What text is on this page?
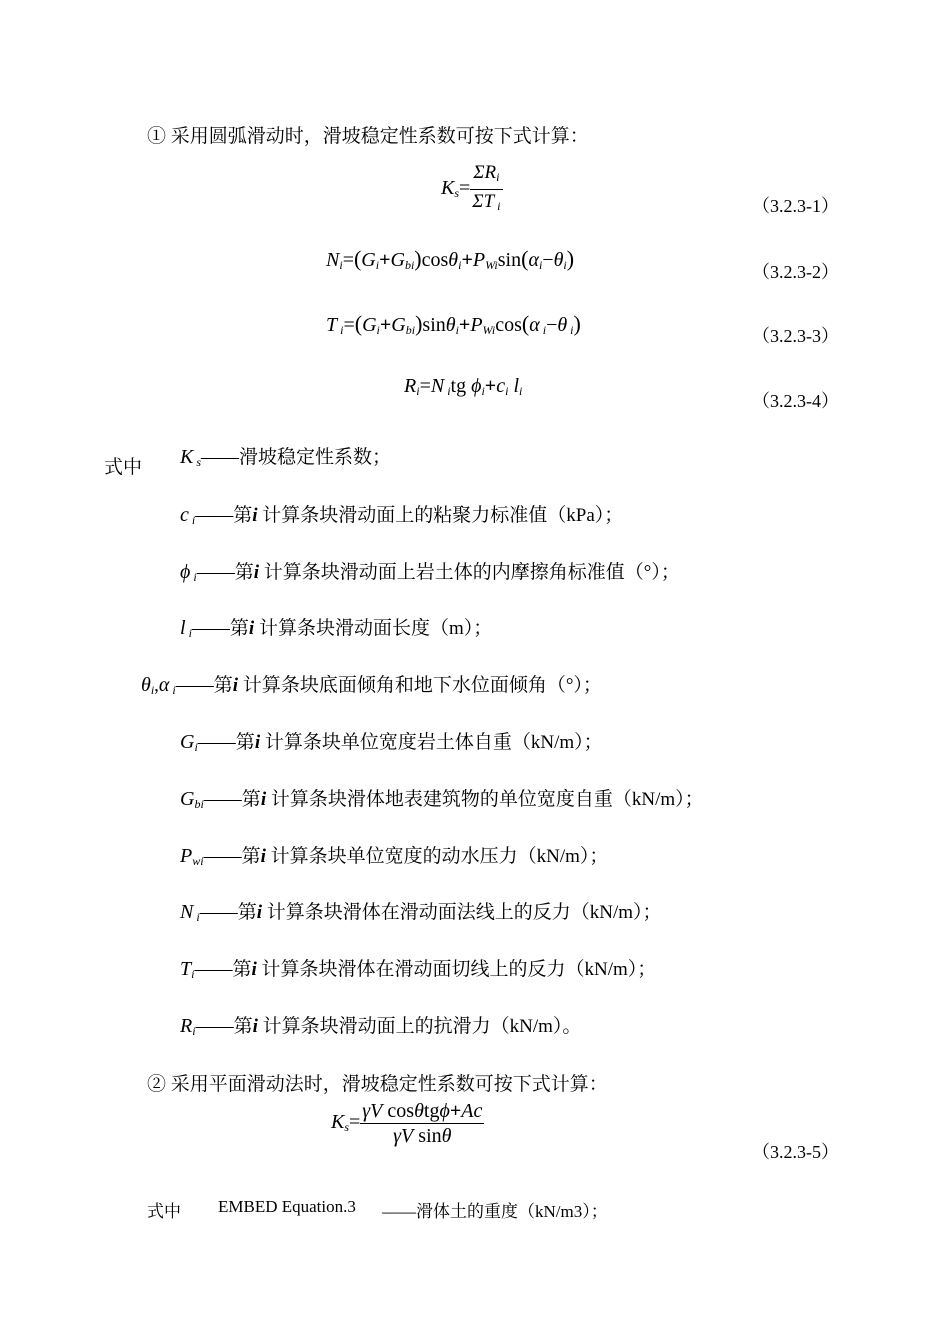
① 采用圆弧滑动时，滑坡稳定性系数可按下式计算：
$K_s= \frac{\Sigma R_i}{\Sigma T _i}$	（3.2.3-1）
$N_i=(G_i+G_{bi})\cos\theta_i+P_{Wi}\sin(\alpha_i-\theta_i)$
（3.2.3-2）
T $_i=(G_i+G_{bi})\sin\theta_i+P_{Wi}\cos(\alpha$ $_i$−θ $_i$)	（3.2.3-3）
$R_i=N$ $_i$tg $\phi_i+c_i$ $l_i$	（3.2.3-4）
式中 K $_s$——滑坡稳定性系数；
c $_i$——第i 计算条块滑动面上的粘聚力标准值（kPa）；
ϕ $_i$——第i 计算条块滑动面上岩土体的内摩擦角标准值（°）；
l $_i$——第i 计算条块滑动面长度（m）；
$\theta_i,\alpha$ $_i$——第i 计算条块底面倾角和地下水位面倾角（°）；
$G_i——$第i 计算条块单位宽度岩土体自重（kN/m）；
$G_{bi}——$第i 计算条块滑体地表建筑物的单位宽度自重（kN/m）；
$P_{wi}——$第i 计算条块单位宽度的动水压力（kN/m）；
N $_i$——第i 计算条块滑体在滑动面法线上的反力（kN/m）；
$T_i——$第i 计算条块滑体在滑动面切线上的反力（kN/m）；
$R_i——$第i 计算条块滑动面上的抗滑力（kN/m）。
② 采用平面滑动法时，滑坡稳定性系数可按下式计算：
$K_s= \frac{\text{γV cosθtgϕ+Ac}}{\text{γV sinθ}}$
（3.2.3-5）
式中 EMBED Equation.3 ——滑体土的重度（kN/m3）；
